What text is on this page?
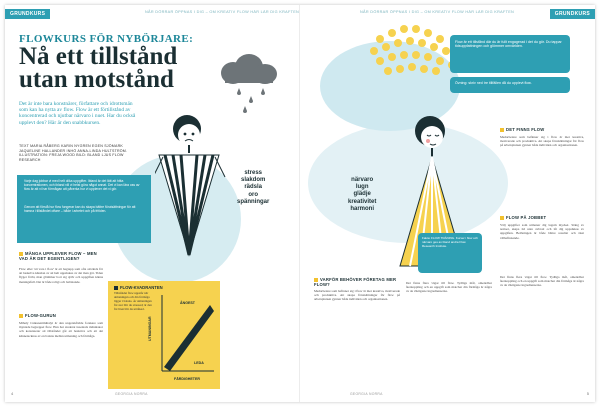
GRUNDKURS	NÅR DÖRRAR ÖPPNAS I DIG – OM KREATIV FLOW HÄR LÄR DIG KRAFTEN
FLOWKURS FÖR NYBÖRJARE:
Nå ett tillstånd utan motstånd
Det är inte bara konstnärer, författare och idrottsmän som kan ha nytta av flow. Flow är ett förtillstånd av koncentrerad och njutbar närvaro i nuet. Har du också upplevt den? Här är den snabbkursen.
TEXT MARIA RÅBERG KARIN NYGREN EGEN SJÖMARK JAQUELINE HALLANDER INHÖ ANNA-LINDA HULTSTRÖM. ILLUSTRATION: FREJA WOOD BILD: BLAND LJUS FLOW RESEARCH
stress
slakdom
rädsla
oro
spänningar

Varje dag jobbar vi med helt olika uppgifter. Ibland är det lätt att hitta koncentrationen, och ibland vill vi helst göra något annat. Det vi kan lära oss av flow är att vi har förmågan att påverka hur vi upplever det vi gör.

Genom att förstå hur flow fungerar kan du skapa bättre förutsättningar för att hamna i tillståndet oftare – både i arbetet och på fritiden.

MÄNGA UPPLEVER FLOW – MEN VAD ÄR DET EGENTLIGEN?
Flow eller 'att vara i flow' är ett begrepp som ofta används för att beskriva känslan av att helt uppslukas av det man gör. Tiden flyger förbi, man glömmer bort sig själv och uppgiften känns meningsfull. Det är både roligt och belönande.
FLOW-GURUN
Mihaly Csikszentmihalyi är den ungerskfödde forskare som myntade begreppet flow. Han har studerat tusentals människor och konstaterar att tillståndet går att beskriva och att det kännetecknas av en balans mellan utmaning och förmåga.
FLOW-KVADRANTEN
Tillståndet flow uppstår när utmaningen och din förmåga ligger i balans. Är utmaningen för stor blir du stressad; är den för liten blir du uttråkad.
UTMANINGAR
FÄRDIGHETER
ÅNGEST
FLOWKANAL
LEDA
4	GEORGIA NORRA
GRUNDKURS
NÅR DÖRRAR ÖPPNAS I DIG – OM KREATIV FLOW HÄR LÄR DIG KRAFTEN
närvaro
lugn
glädje
kreativitet
harmoni
Flow är ett tillstånd där du är fullt engagerad i det du gör. Du tappar tidsuppfattningen och glömmer omvärlden.
Övning: skriv ned tre tillfällen då du upplevt flow.
Fakta: FLOW TRÄNING. Kurser i flow och närvaro ges av bland andra Flow Research Institute.
VARFÖR BEHÖVER FÖRETAG MER FLOW?
Medarbetare som befinner sig i flow är mer kreativa, motiverade och produktiva. Att skapa förutsättningar för flow på arbetsplatsen gynnar både individen och organisationen.
Det finns flera vägar till flow. Tydliga mål, omedelbar återkoppling och en uppgift som matchar din förmåga är några av de viktigaste ingredienserna.
DET FINNS FLOW
Medarbetare som befinner sig i flow är mer kreativa, motiverade och produktiva. Att skapa förutsättningar för flow på arbetsplatsen gynnar både individen och organisationen.
FLOW PÅ JOBBET
Välj uppgifter som utmanar dig lagom mycket. Stäng av notiser, skapa tid utan avbrott och låt dig uppslukas av uppgiften. Belöningen är både bättre resultat och ökat välbefinnande.
Det finns flera vägar till flow. Tydliga mål, omedelbar återkoppling och en uppgift som matchar din förmåga är några av de viktigaste ingredienserna.
5
GEORGIA NORRA
